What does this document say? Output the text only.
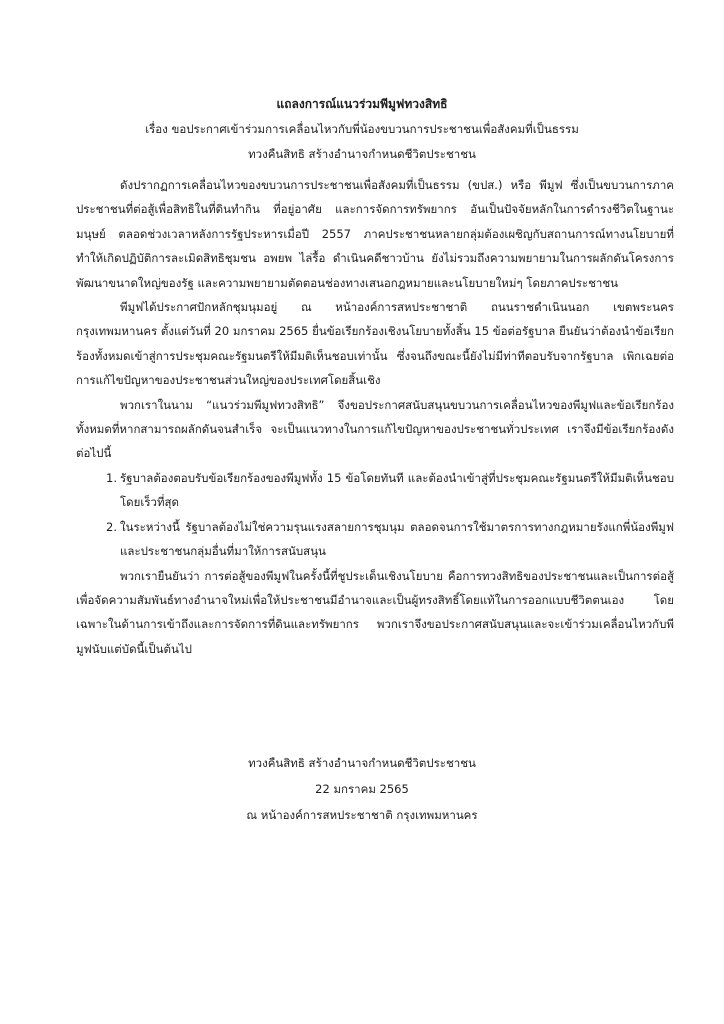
แถลงการณ์แนวร่วมพีมูฟทวงสิทธิ
เรื่อง ขอประกาศเข้าร่วมการเคลื่อนไหวกับพี่น้องขบวนการประชาชนเพื่อสังคมที่เป็นธรรม
ทวงคืนสิทธิ สร้างอำนาจกำหนดชีวิตประชาชน

ดังปรากฏการเคลื่อนไหวของขบวนการประชาชนเพื่อสังคมที่เป็นธรรม (ขปส.) หรือ พีมูฟ ซึ่งเป็นขบวนการภาคประชาชนที่ต่อสู้เพื่อสิทธิในที่ดินทำกิน ที่อยู่อาศัย และการจัดการทรัพยากร อันเป็นปัจจัยหลักในการดำรงชีวิตในฐานะมนุษย์ ตลอดช่วงเวลาหลังการรัฐประหารเมื่อปี 2557 ภาคประชาชนหลายกลุ่มต้องเผชิญกับสถานการณ์ทางนโยบายที่ทำให้เกิดปฏิบัติการละเมิดสิทธิชุมชน อพยพ ไล่รื้อ ดำเนินคดีชาวบ้าน ยังไม่รวมถึงความพยายามในการผลักดันโครงการพัฒนาขนาดใหญ่ของรัฐ และความพยายามตัดตอนช่องทางเสนอกฎหมายและนโยบายใหม่ๆ โดยภาคประชาชน

พีมูฟได้ประกาศปักหลักชุมนุมอยู่ ณ หน้าองค์การสหประชาชาติ ถนนราชดำเนินนอก เขตพระนคร กรุงเทพมหานคร ตั้งแต่วันที่ 20 มกราคม 2565 ยื่นข้อเรียกร้องเชิงนโยบายทั้งสิ้น 15 ข้อต่อรัฐบาล ยืนยันว่าต้องนำข้อเรียกร้องทั้งหมดเข้าสู่การประชุมคณะรัฐมนตรีให้มีมติเห็นชอบเท่านั้น ซึ่งจนถึงขณะนี้ยังไม่มีท่าทีตอบรับจากรัฐบาล เพิกเฉยต่อการแก้ไขปัญหาของประชาชนส่วนใหญ่ของประเทศโดยสิ้นเชิง

พวกเราในนาม “แนวร่วมพีมูฟทวงสิทธิ” จึงขอประกาศสนับสนุนขบวนการเคลื่อนไหวของพีมูฟและข้อเรียกร้องทั้งหมดที่หากสามารถผลักดันจนสำเร็จ จะเป็นแนวทางในการแก้ไขปัญหาของประชาชนทั่วประเทศ เราจึงมีข้อเรียกร้องดังต่อไปนี้

1. รัฐบาลต้องตอบรับข้อเรียกร้องของพีมูฟทั้ง 15 ข้อโดยทันที และต้องนำเข้าสู่ที่ประชุมคณะรัฐมนตรีให้มีมติเห็นชอบโดยเร็วที่สุด
2. ในระหว่างนี้ รัฐบาลต้องไม่ใช่ความรุนแรงสลายการชุมนุม ตลอดจนการใช้มาตรการทางกฎหมายรังแกพี่น้องพีมูฟและประชาชนกลุ่มอื่นที่มาให้การสนับสนุน

พวกเรายืนยันว่า การต่อสู้ของพีมูฟในครั้งนี้ที่ชูประเด็นเชิงนโยบาย คือการทวงสิทธิของประชาชนและเป็นการต่อสู้เพื่อจัดความสัมพันธ์ทางอำนาจใหม่เพื่อให้ประชาชนมีอำนาจและเป็นผู้ทรงสิทธิ์โดยแท้ในการออกแบบชีวิตตนเอง โดยเฉพาะในด้านการเข้าถึงและการจัดการที่ดินและทรัพยากร พวกเราจึงขอประกาศสนับสนุนและจะเข้าร่วมเคลื่อนไหวกับพีมูฟนับแต่บัดนี้เป็นต้นไป

ทวงคืนสิทธิ สร้างอำนาจกำหนดชีวิตประชาชน
22 มกราคม 2565
ณ หน้าองค์การสหประชาชาติ กรุงเทพมหานคร
